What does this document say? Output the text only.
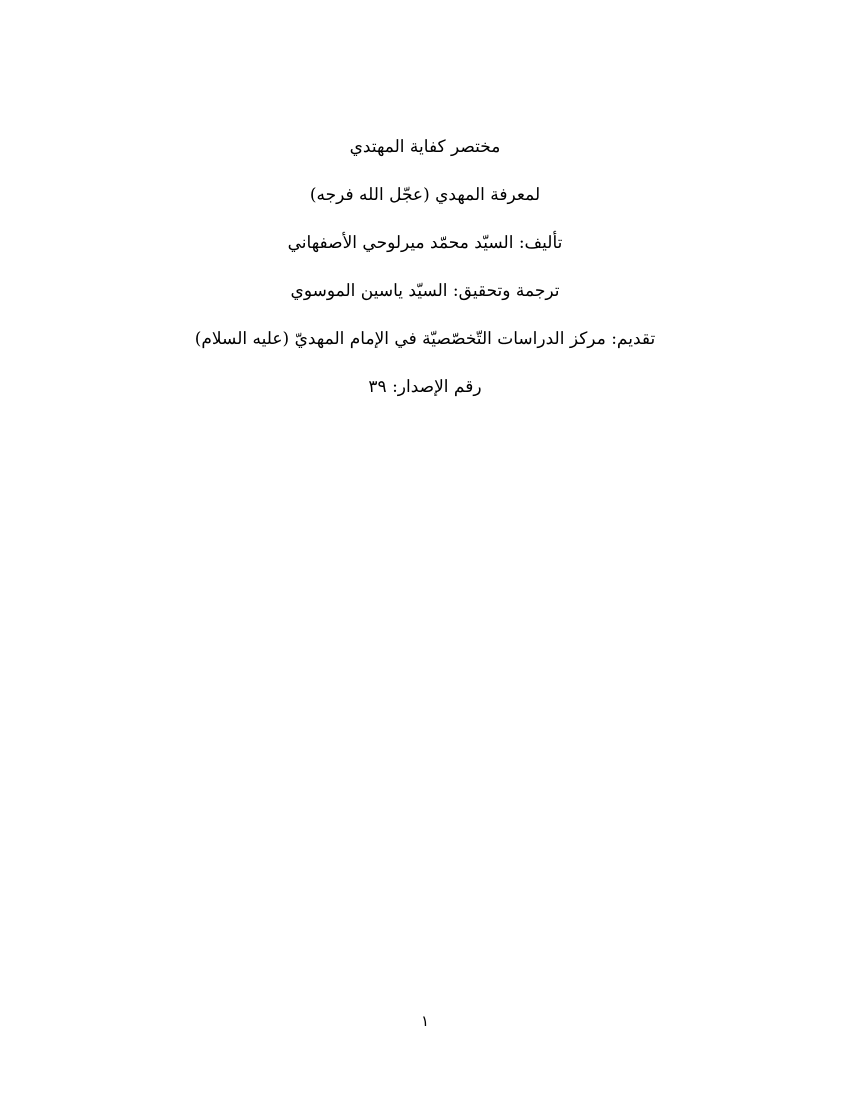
مختصر كفاية المهتدي
لمعرفة المهدي (عجّل الله فرجه)
تأليف: السيّد محمّد ميرلوحي الأصفهاني
ترجمة وتحقيق: السيّد ياسين الموسوي
تقديم: مركز الدراسات التّخصّصيّة في الإمام المهديّ (عليه السلام)
رقم الإصدار: ٣٩
١
